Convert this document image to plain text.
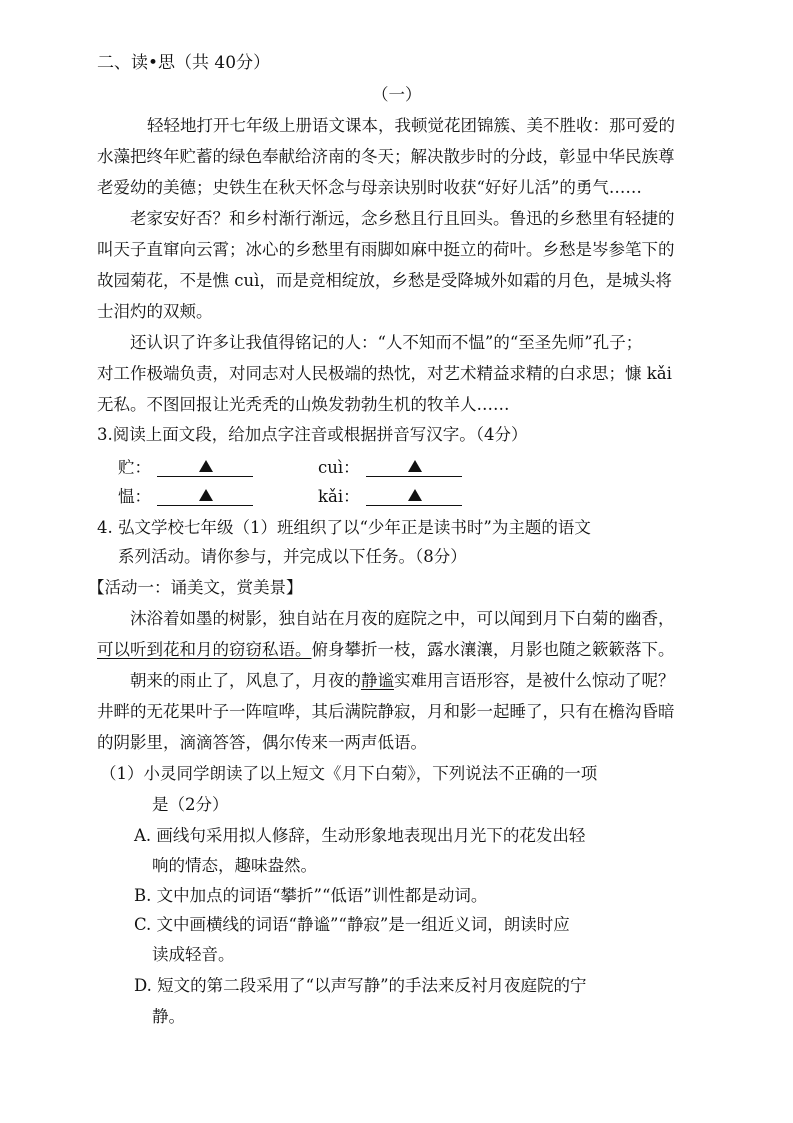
二、读•思（共 40分）
（一）
轻轻地打开七年级上册语文课本，我顿觉花团锦簇、美不胜收：那可爱的
水藻把终年贮蓄的绿色奉献给济南的冬天；解决散步时的分歧，彰显中华民族尊
老爱幼的美德；史铁生在秋天怀念与母亲诀别时收获“好好儿活”的勇气……
老家安好否？和乡村渐行渐远，念乡愁且行且回头。鲁迅的乡愁里有轻捷的
叫天子直窜向云霄；冰心的乡愁里有雨脚如麻中挺立的荷叶。乡愁是岑参笔下的
故园菊花，不是憔 cuì，而是竞相绽放，乡愁是受降城外如霜的月色，是城头将
士泪灼的双颊。
还认识了许多让我值得铭记的人：“人不知而不愠”的“至圣先师”孔子；
对工作极端负责，对同志对人民极端的热忱，对艺术精益求精的白求思；慷 kǎi
无私。不图回报让光秃秃的山焕发勃勃生机的牧羊人……
3.阅读上面文段，给加点字注音或根据拼音写汉字。（4分）
贮：	cuì：
愠：	kǎi：
4. 弘文学校七年级（1）班组织了以“少年正是读书时”为主题的语文
系列活动。请你参与，并完成以下任务。（8分）
【活动一：诵美文，赏美景】
沐浴着如墨的树影，独自站在月夜的庭院之中，可以闻到月下白菊的幽香，
可以听到花和月的窃窃私语。俯身攀折一枝，露水瀼瀼，月影也随之簌簌落下。
朝来的雨止了，风息了，月夜的静谧实难用言语形容，是被什么惊动了呢？
井畔的无花果叶子一阵喧哗，其后满院静寂，月和影一起睡了，只有在檐沟昏暗
的阴影里，滴滴答答，偶尔传来一两声低语。
（1）小灵同学朗读了以上短文《月下白菊》，下列说法不正确的一项
是（2分）
A. 画线句采用拟人修辞，生动形象地表现出月光下的花发出轻
响的情态，趣味盎然。
B. 文中加点的词语“攀折”“低语”训性都是动词。
C. 文中画横线的词语“静谧”“静寂”是一组近义词，朗读时应
读成轻音。
D. 短文的第二段采用了“以声写静”的手法来反衬月夜庭院的宁
静。
